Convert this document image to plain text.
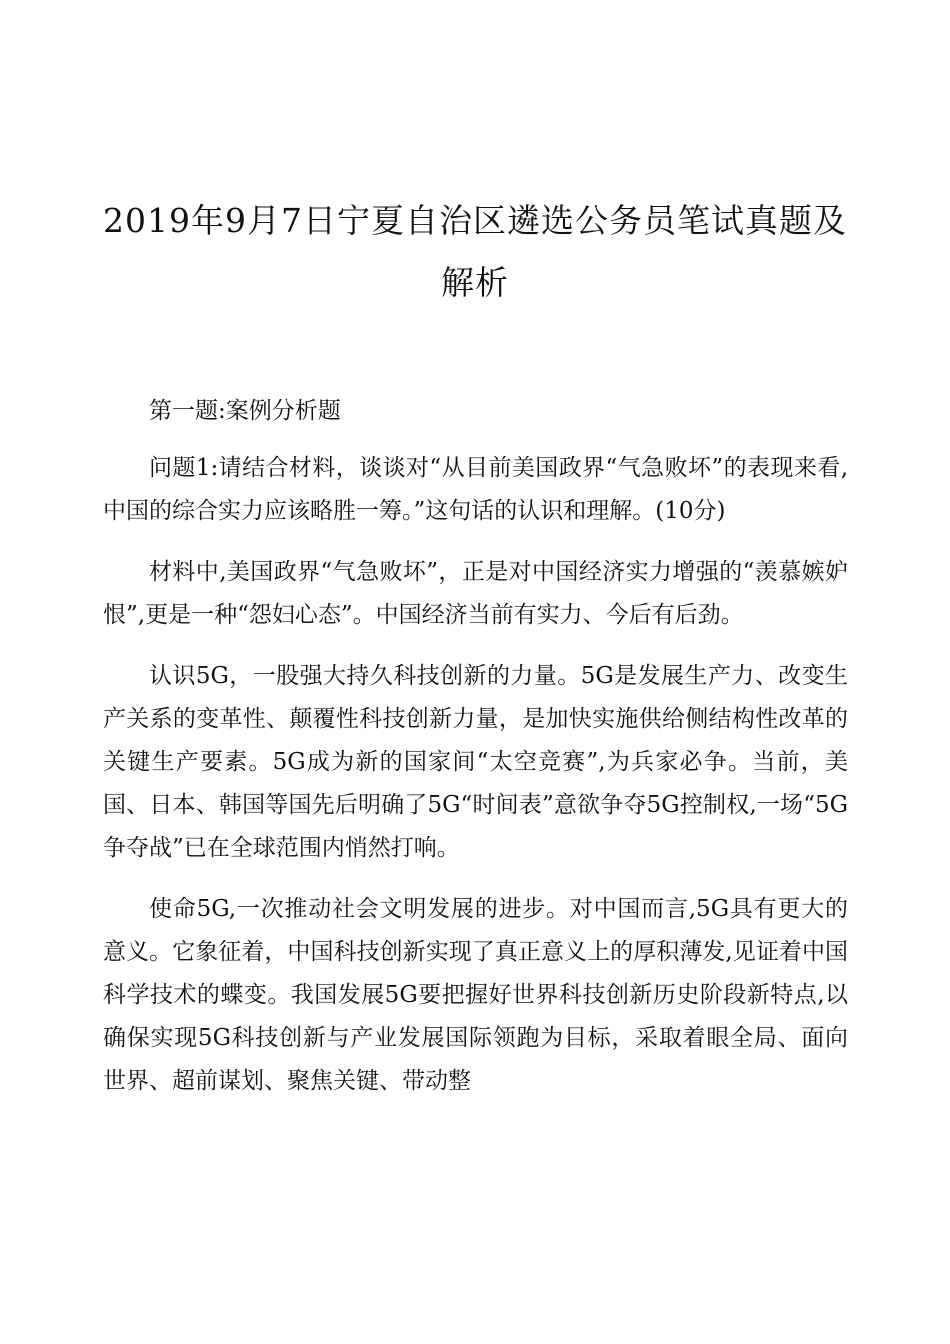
2019年9月7日宁夏自治区遴选公务员笔试真题及解析

第一题:案例分析题

问题1:请结合材料，谈谈对“从目前美国政界“气急败坏”的表现来看,中国的综合实力应该略胜一筹。”这句话的认识和理解。(10分)

材料中,美国政界“气急败坏”，正是对中国经济实力增强的“羡慕嫉妒恨”,更是一种“怨妇心态”。中国经济当前有实力、今后有后劲。

认识5G，一股强大持久科技创新的力量。5G是发展生产力、改变生产关系的变革性、颠覆性科技创新力量，是加快实施供给侧结构性改革的关键生产要素。5G成为新的国家间“太空竞赛”,为兵家必争。当前，美国、日本、韩国等国先后明确了5G“时间表”意欲争夺5G控制权,一场“5G争夺战”已在全球范围内悄然打响。

使命5G,一次推动社会文明发展的进步。对中国而言,5G具有更大的意义。它象征着，中国科技创新实现了真正意义上的厚积薄发,见证着中国科学技术的蝶变。我国发展5G要把握好世界科技创新历史阶段新特点,以确保实现5G科技创新与产业发展国际领跑为目标，采取着眼全局、面向世界、超前谋划、聚焦关键、带动整
